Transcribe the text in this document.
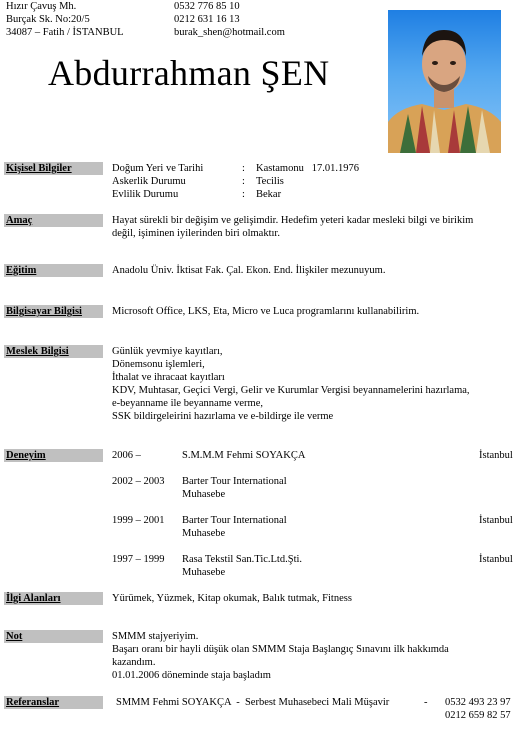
Hızır Çavuş Mh.
Burçak Sk. No:20/5
34087 – Fatih / İSTANBUL
0532 776 85 10
0212 631 16 13
burak_shen@hotmail.com
Abdurrahman ŞEN
Kişisel Bilgiler	Doğum Yeri ve Tarihi	: Kastamonu   17.01.1976
Askerlik Durumu	: Tecilis
Evlilik Durumu	: Bekar
Amaç	Hayat sürekli bir değişim ve gelişimdir. Hedefim yeteri kadar mesleki bilgi ve birikim
değil, işiminen iyilerinden biri olmaktır.
Eğitim	Anadolu Üniv. İktisat Fak. Çal. Ekon. End. İlişkiler mezunuyum.
Bilgisayar Bilgisi	Microsoft Office, LKS, Eta, Micro ve Luca programlarını kullanabilirim.
Meslek Bilgisi	Günlük yevmiye kayıtları,
Dönemsonu işlemleri,
İthalat ve ihracaat kayıtları
KDV, Muhtasar, Geçici Vergi, Gelir ve Kurumlar Vergisi beyannamelerini hazırlama,
e-beyanname ile beyanname verme,
SSK bildirgeleirini hazırlama ve e-bildirge ile verme
Deneyim	2006 –	S.M.M.M Fehmi SOYAKÇA	İstanbul
2002 – 2003 Barter Tour International
Muhasebe
1999 – 2001 Barter Tour International	İstanbul
Muhasebe
1997 – 1999 Rasa Tekstil San.Tic.Ltd.Şti.	İstanbul
Muhasebe
İlgi Alanları	Yürümek, Yüzmek, Kitap okumak, Balık tutmak, Fitness
Not	SMMM stajyeriyim.
Başarı oranı bir hayli düşük olan SMMM Staja Başlangıç Sınavını ilk hakkımda
kazandım.
01.01.2006 döneminde staja başladım
Referanslar	SMMM Fehmi SOYAKÇA  -  Serbest Muhasebeci Mali Müşavir	- 0532 493 23 97
0212 659 82 57
